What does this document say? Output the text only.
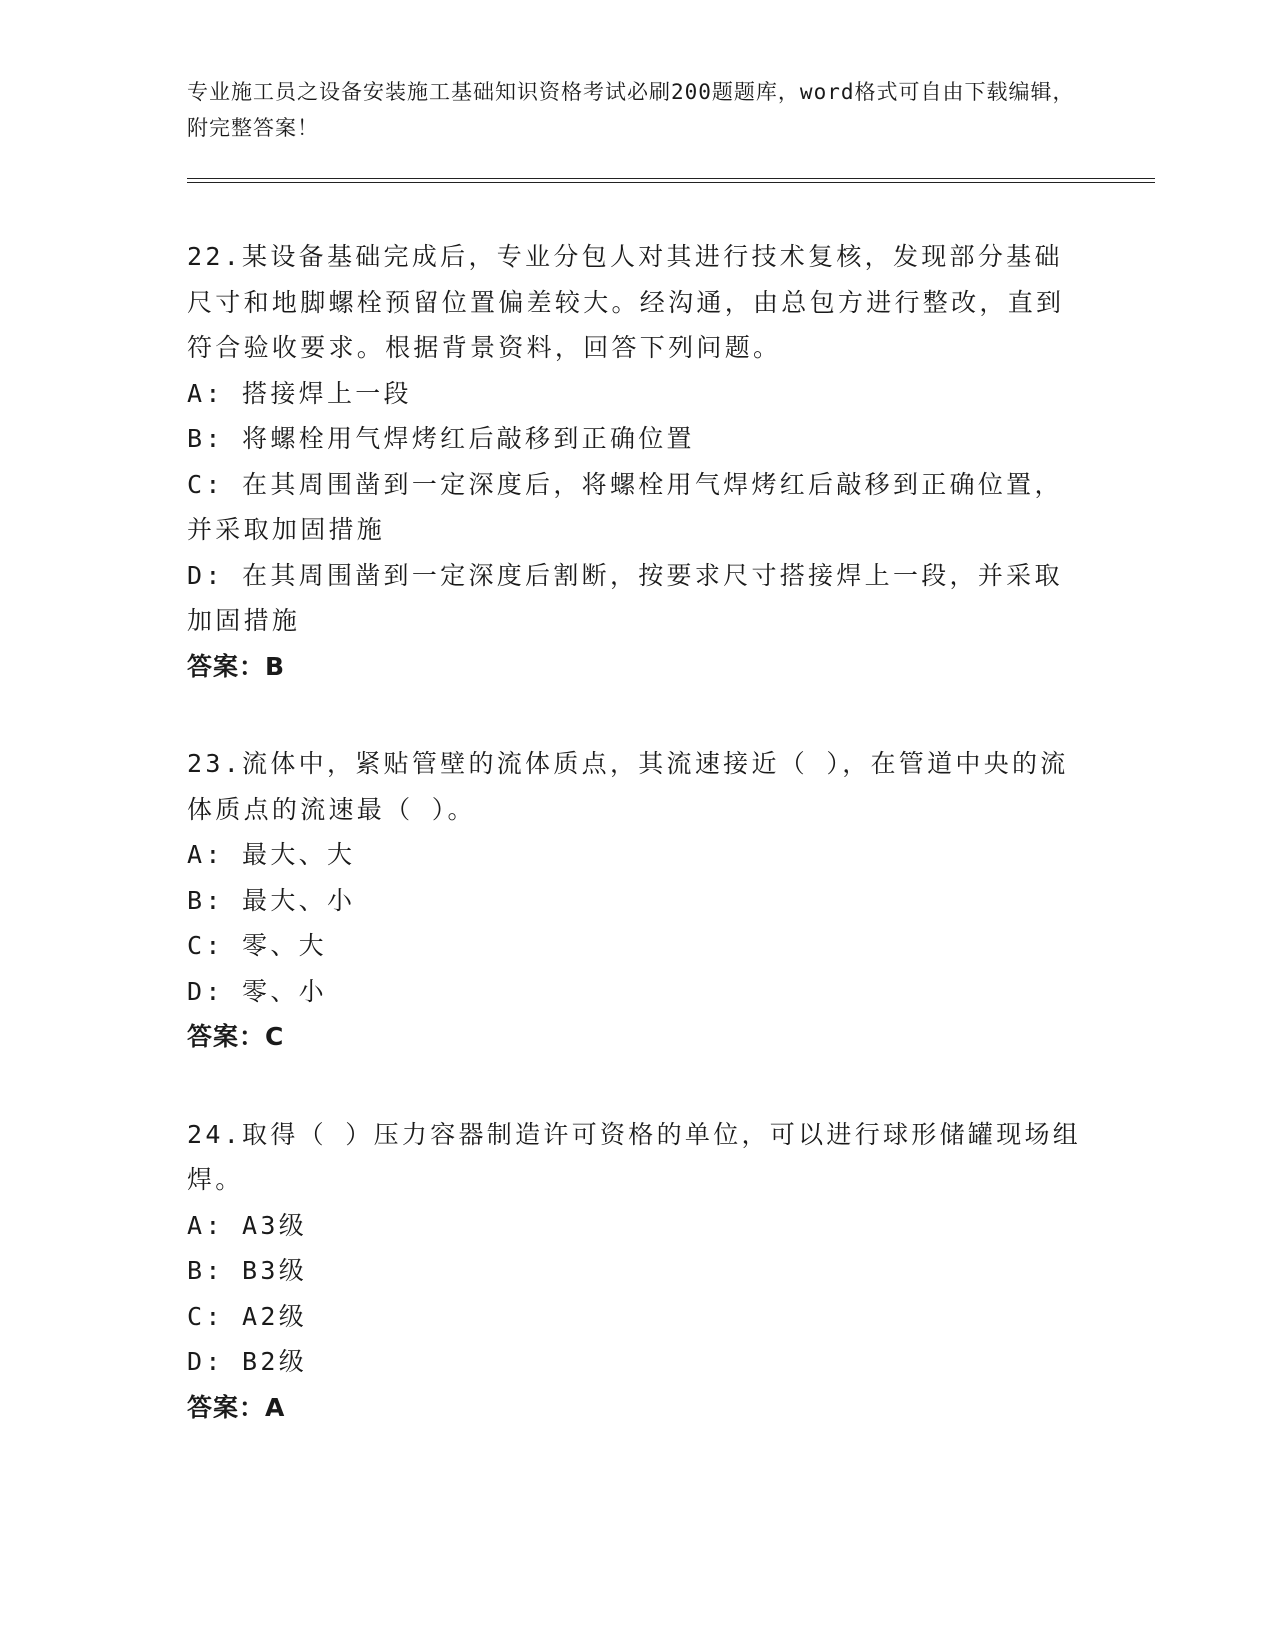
专业施工员之设备安装施工基础知识资格考试必刷200题题库，word格式可自由下载编辑，附完整答案！
22.某设备基础完成后，专业分包人对其进行技术复核，发现部分基础尺寸和地脚螺栓预留位置偏差较大。经沟通，由总包方进行整改，直到符合验收要求。根据背景资料，回答下列问题。
A: 搭接焊上一段
B: 将螺栓用气焊烤红后敲移到正确位置
C: 在其周围凿到一定深度后，将螺栓用气焊烤红后敲移到正确位置，并采取加固措施
D: 在其周围凿到一定深度后割断，按要求尺寸搭接焊上一段，并采取加固措施
答案：B
23.流体中，紧贴管壁的流体质点，其流速接近（ ），在管道中央的流体质点的流速最（ ）。
A: 最大、大
B: 最大、小
C: 零、大
D: 零、小
答案：C
24.取得（ ）压力容器制造许可资格的单位，可以进行球形储罐现场组焊。
A: A3级
B: B3级
C: A2级
D: B2级
答案：A
